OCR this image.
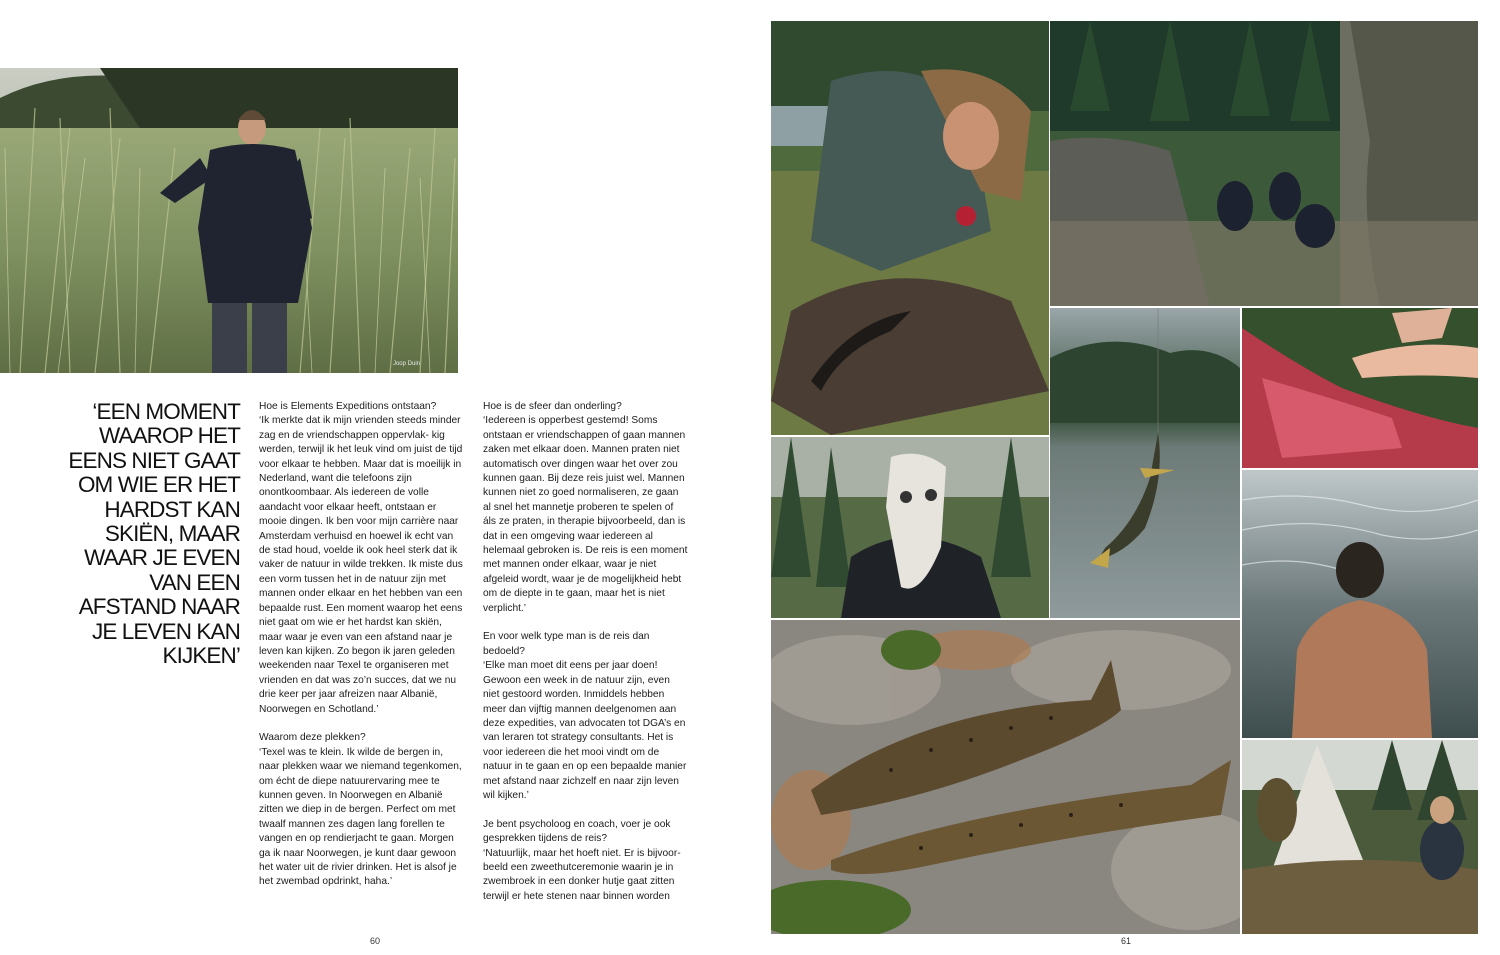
Joop Duin
‘EEN MOMENT WAAROP HET EENS NIET GAAT OM WIE ER HET HARDST KAN SKIËN, MAAR WAAR JE EVEN VAN EEN AFSTAND NAAR JE LEVEN KAN KIJKEN’

Hoe is Elements Expeditions ontstaan?
‘Ik merkte dat ik mijn vrienden steeds minder zag en de vriendschappen oppervlak- kig werden, terwijl ik het leuk vind om juist de tijd voor elkaar te hebben. Maar dat is moeilijk in Nederland, want die telefoons zijn onontkoombaar. Als iedereen de volle aandacht voor elkaar heeft, ontstaan er mooie dingen. Ik ben voor mijn carrière naar Amsterdam verhuisd en hoewel ik echt van de stad houd, voelde ik ook heel sterk dat ik vaker de natuur in wilde trekken. Ik miste dus een vorm tussen het in de natuur zijn met mannen onder elkaar en het hebben van een bepaalde rust. Een moment waarop het eens niet gaat om wie er het hardst kan skiën, maar waar je even van een afstand naar je leven kan kijken. Zo begon ik jaren geleden weekenden naar Texel te organiseren met vrienden en dat was zo’n succes, dat we nu drie keer per jaar afreizen naar Albanië, Noorwegen en Schotland.’

Waarom deze plekken?
‘Texel was te klein. Ik wilde de bergen in, naar plekken waar we niemand tegenkomen, om écht de diepe natuurervaring mee te kunnen geven. In Noorwegen en Albanië zitten we diep in de bergen. Perfect om met twaalf mannen zes dagen lang forellen te vangen en op rendierjacht te gaan. Morgen ga ik naar Noorwegen, je kunt daar gewoon het water uit de rivier drinken. Het is alsof je het zwembad opdrinkt, haha.’

Hoe is de sfeer dan onderling?
‘Iedereen is opperbest gestemd! Soms ontstaan er vriendschappen of gaan mannen zaken met elkaar doen. Mannen praten niet automatisch over dingen waar het over zou kunnen gaan. Bij deze reis juist wel. Mannen kunnen niet zo goed normaliseren, ze gaan al snel het mannetje proberen te spelen of áls ze praten, in therapie bijvoorbeeld, dan is dat in een omgeving waar iedereen al helemaal gebroken is. De reis is een moment met mannen onder elkaar, waar je niet afgeleid wordt, waar je de mogelijkheid hebt om de diepte in te gaan, maar het is niet verplicht.’

En voor welk type man is de reis dan bedoeld?
‘Elke man moet dit eens per jaar doen! Gewoon een week in de natuur zijn, even niet gestoord worden. Inmiddels hebben meer dan vijftig mannen deelgenomen aan deze expedities, van advocaten tot DGA’s en van leraren tot strategy consultants. Het is voor iedereen die het mooi vindt om de natuur in te gaan en op een bepaalde manier met afstand naar zichzelf en naar zijn leven wil kijken.’

Je bent psycholoog en coach, voer je ook gesprekken tijdens de reis?
‘Natuurlijk, maar het hoeft niet. Er is bijvoor- beeld een zweethutceremonie waarin je in zwembroek in een donker hutje gaat zitten terwijl er hete stenen naar binnen worden

60	61
